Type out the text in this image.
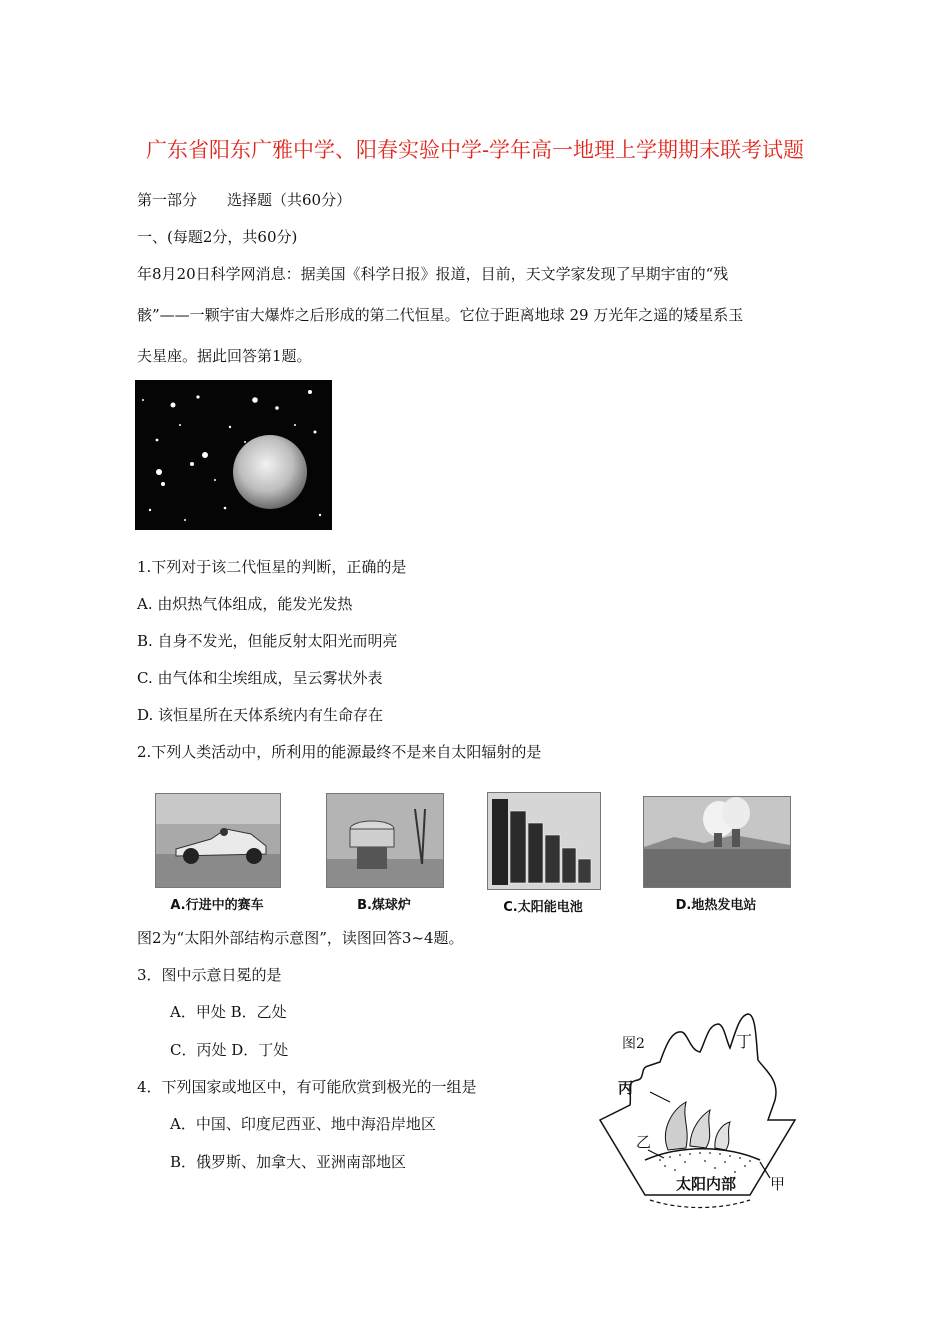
广东省阳东广雅中学、阳春实验中学-学年高一地理上学期期末联考试题
第一部分 选择题（共60分）
一、(每题2分，共60分)
年8月20日科学网消息：据美国《科学日报》报道，目前，天文学家发现了早期宇宙的“残
骸”——一颗宇宙大爆炸之后形成的第二代恒星。它位于距离地球 29 万光年之遥的矮星系玉
夫星座。据此回答第1题。
1.下列对于该二代恒星的判断，正确的是
A. 由炽热气体组成，能发光发热
B. 自身不发光，但能反射太阳光而明亮
C. 由气体和尘埃组成，呈云雾状外表
D. 该恒星所在天体系统内有生命存在
2.下列人类活动中，所利用的能源最终不是来自太阳辐射的是
A.行进中的赛车	B.煤球炉	C.太阳能电池	D.地热发电站
图2为“太阳外部结构示意图”，读图回答3~4题。
3．图中示意日冕的是
A．甲处 B．乙处
C．丙处 D．丁处
4．下列国家或地区中，有可能欣赏到极光的一组是
A．中国、印度尼西亚、地中海沿岸地区
B．俄罗斯、加拿大、亚洲南部地区
图2	丁
丙
乙
太阳内部 甲
